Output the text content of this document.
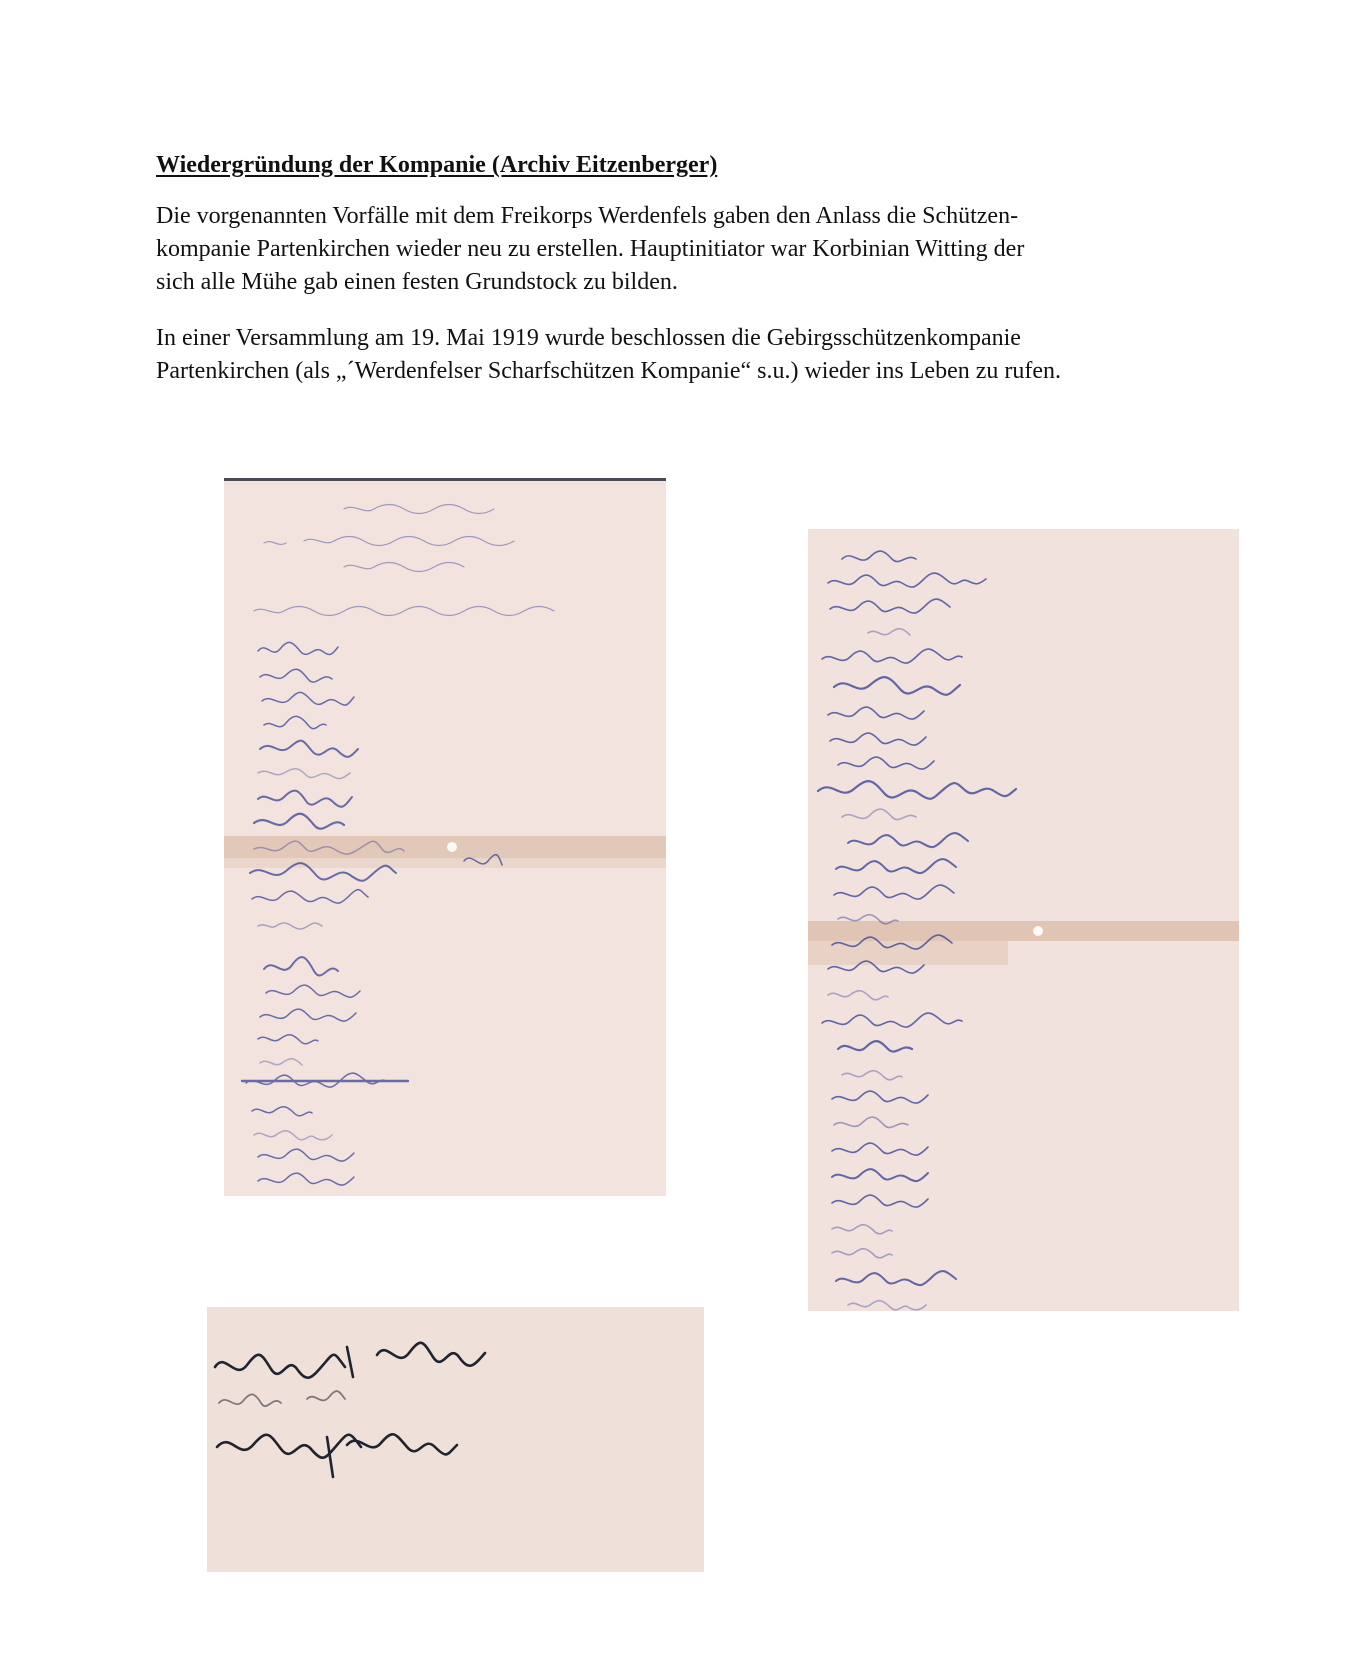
Wiedergründung der Kompanie (Archiv Eitzenberger)

Die vorgenannten Vorfälle mit dem Freikorps Werdenfels gaben den Anlass die Schützen-
kompanie Partenkirchen wieder neu zu erstellen. Hauptinitiator war Korbinian Witting der
sich alle Mühe gab einen festen Grundstock zu bilden.

In einer Versammlung am 19. Mai 1919 wurde beschlossen die Gebirgsschützenkompanie
Partenkirchen (als „´Werdenfelser Scharfschützen Kompanie“ s.u.) wieder ins Leben zu rufen.
